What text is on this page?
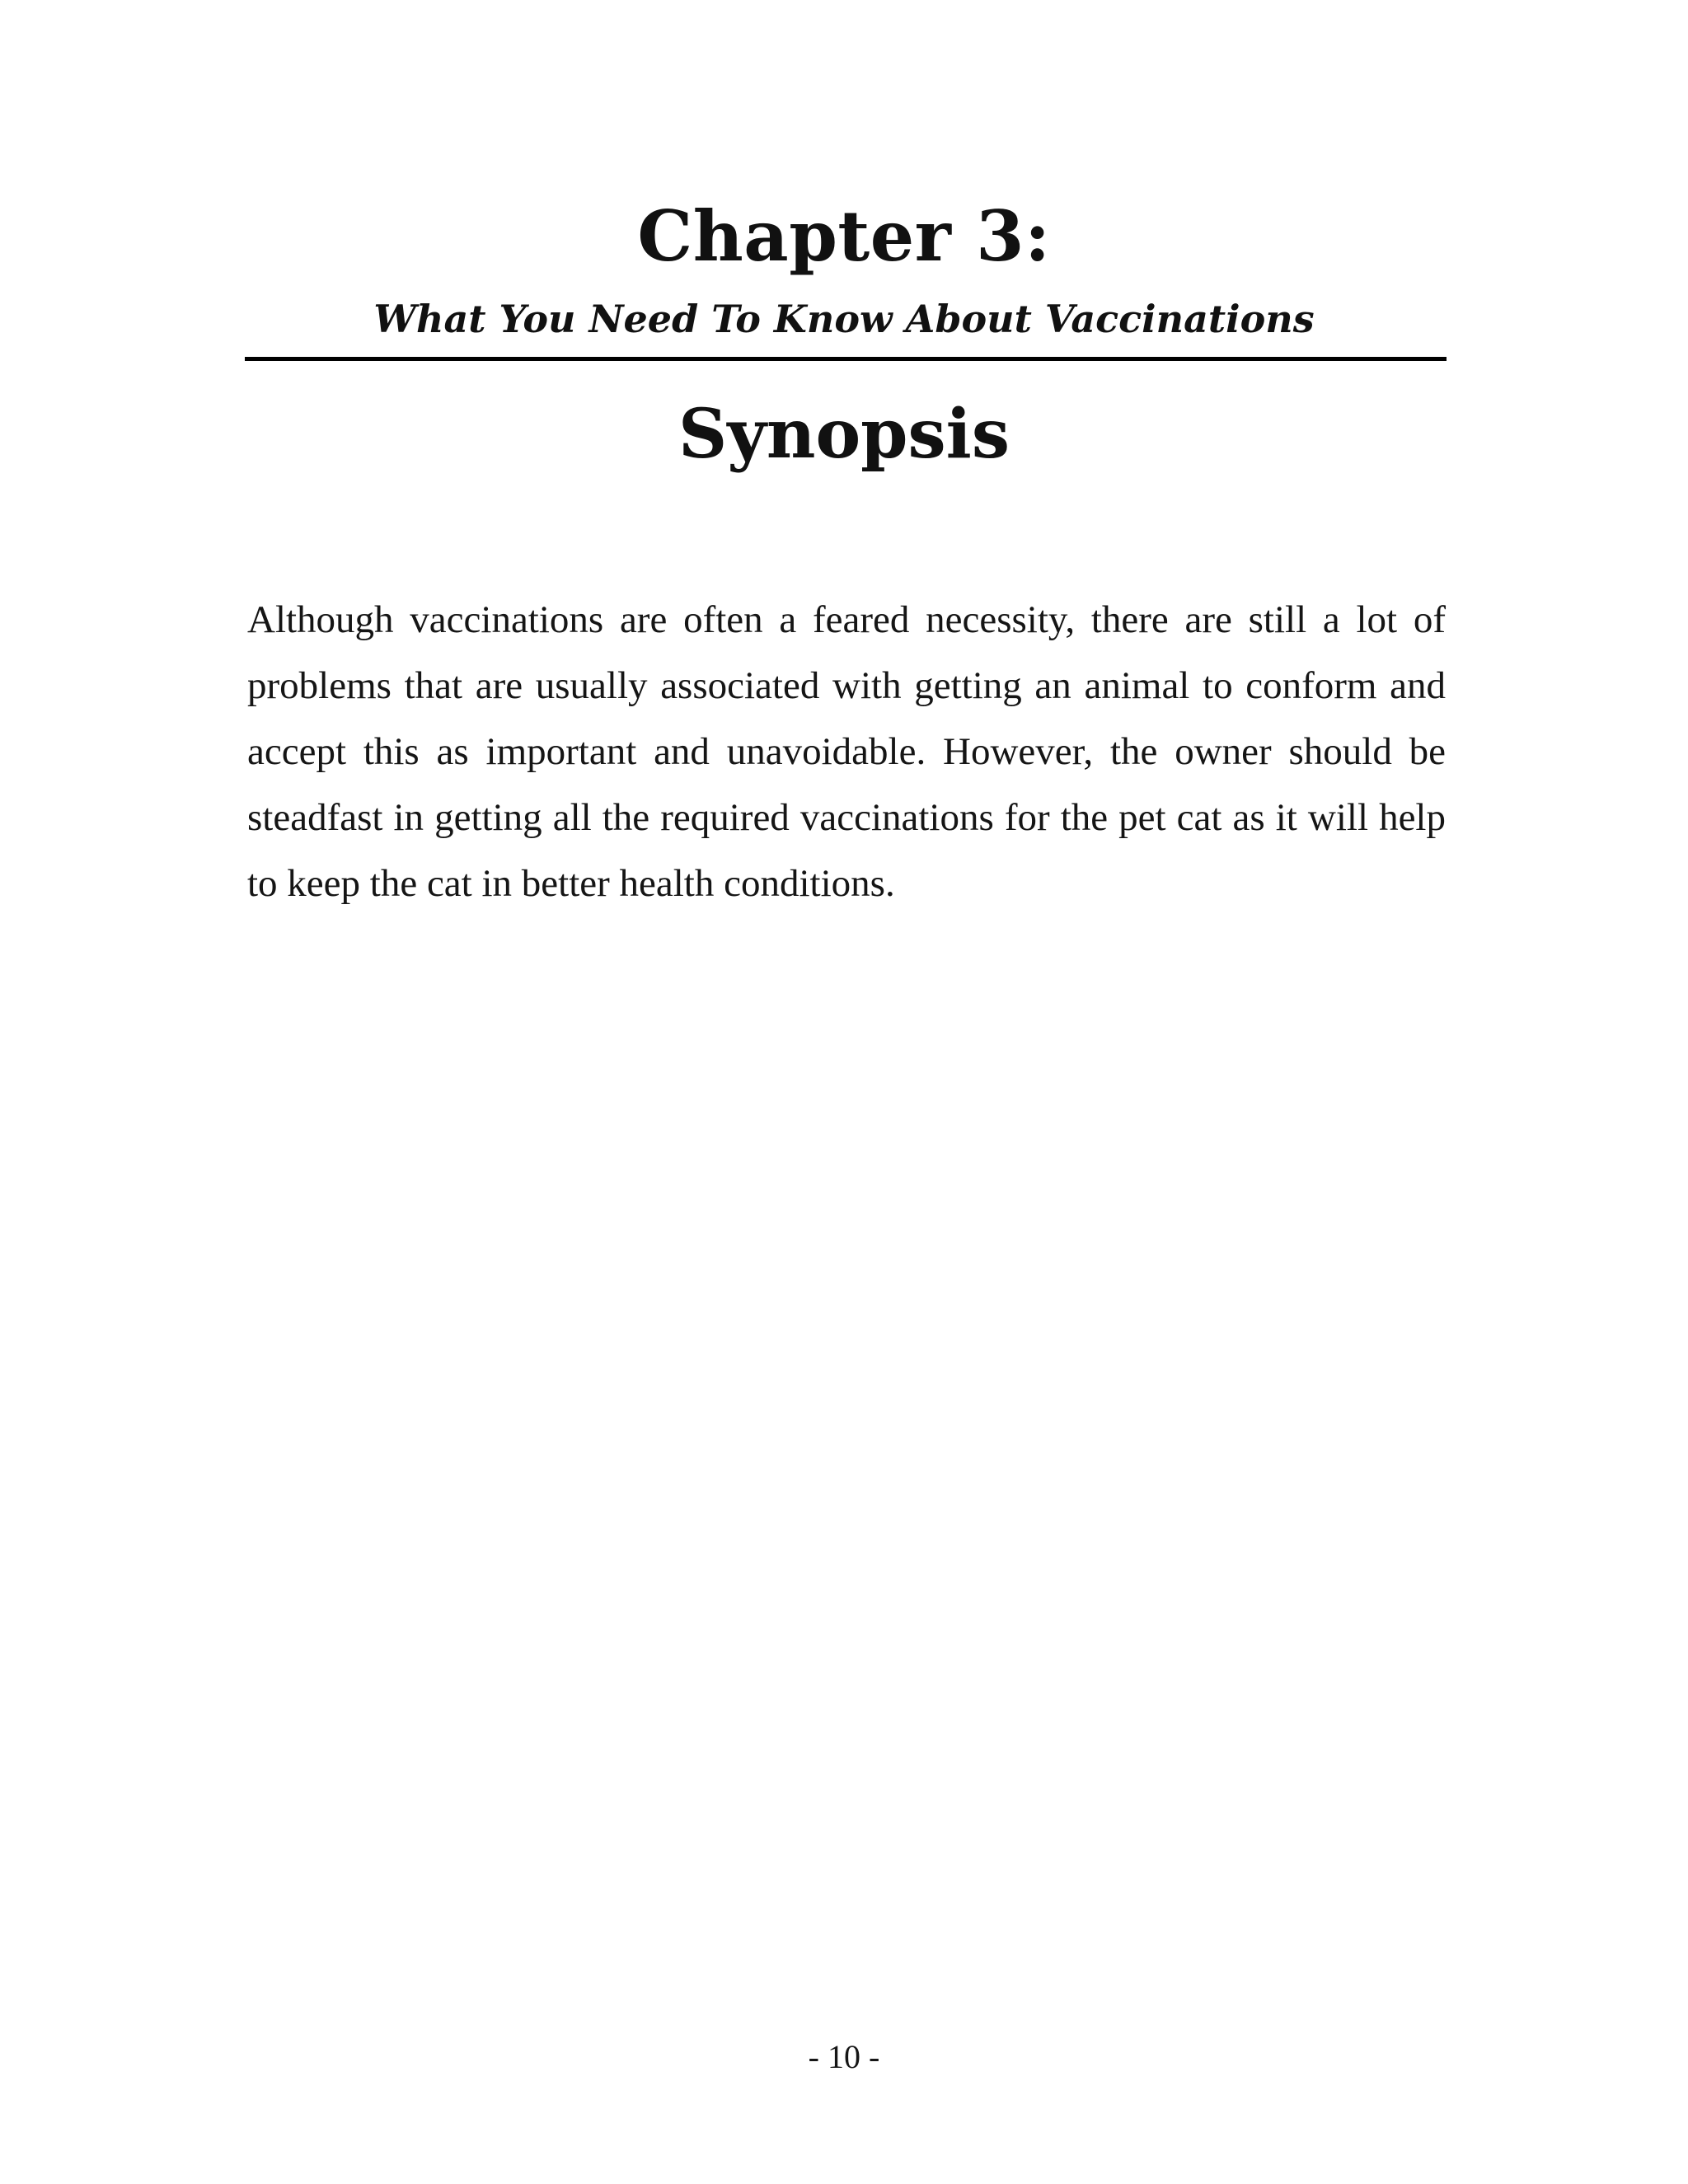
Chapter 3:
What You Need To Know About Vaccinations
Synopsis

Although vaccinations are often a feared necessity, there are still a lot of problems that are usually associated with getting an animal to conform and accept this as important and unavoidable. However, the owner should be steadfast in getting all the required vaccinations for the pet cat as it will help to keep the cat in better health conditions.

- 10 -
